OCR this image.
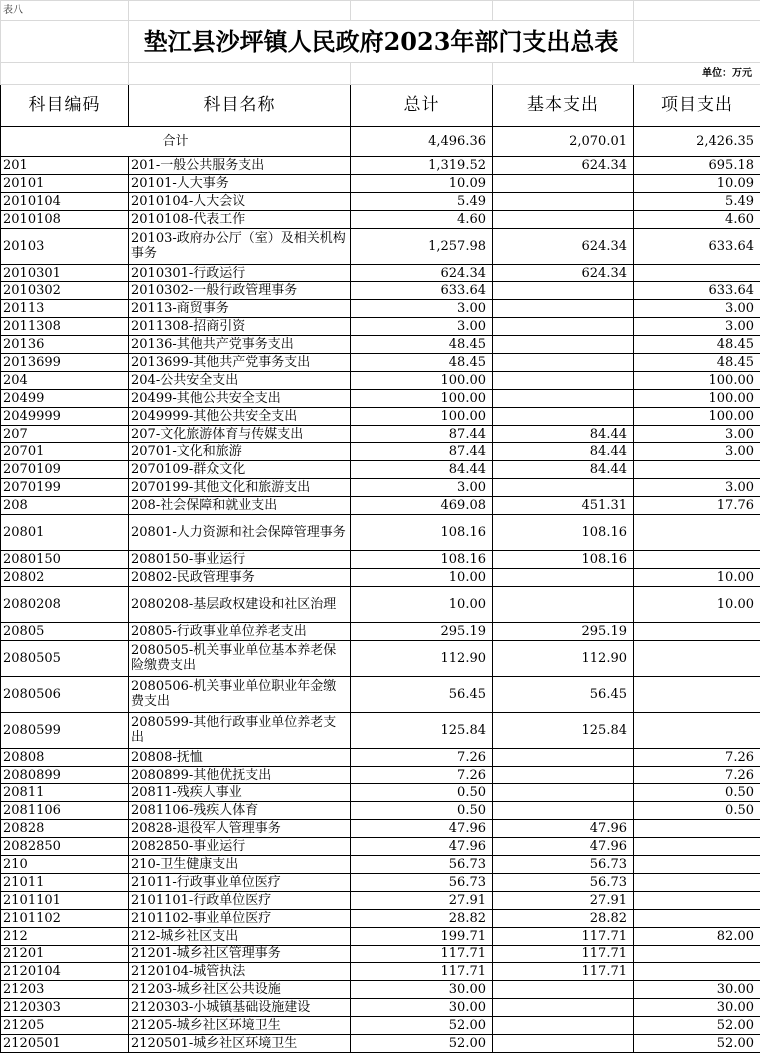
表八				
	垫江县沙坪镇人民政府2023年部门支出总表			
			单位：万元	
科目编码	科目名称	总计	基本支出	项目支出
合计		4,496.36	2,070.01	2,426.35
201	201-一般公共服务支出	1,319.52	624.34	695.18
20101	20101-人大事务	10.09		10.09
2010104	2010104-人大会议	5.49		5.49
2010108	2010108-代表工作	4.60		4.60
20103	20103-政府办公厅（室）及相关机构事务	1,257.98	624.34	633.64
2010301	2010301-行政运行	624.34	624.34	
2010302	2010302-一般行政管理事务	633.64		633.64
20113	20113-商贸事务	3.00		3.00
2011308	2011308-招商引资	3.00		3.00
20136	20136-其他共产党事务支出	48.45		48.45
2013699	2013699-其他共产党事务支出	48.45		48.45
204	204-公共安全支出	100.00		100.00
20499	20499-其他公共安全支出	100.00		100.00
2049999	2049999-其他公共安全支出	100.00		100.00
207	207-文化旅游体育与传媒支出	87.44	84.44	3.00
20701	20701-文化和旅游	87.44	84.44	3.00
2070109	2070109-群众文化	84.44	84.44	
2070199	2070199-其他文化和旅游支出	3.00		3.00
208	208-社会保障和就业支出	469.08	451.31	17.76
20801	20801-人力资源和社会保障管理事务	108.16	108.16	
2080150	2080150-事业运行	108.16	108.16	
20802	20802-民政管理事务	10.00		10.00
2080208	2080208-基层政权建设和社区治理	10.00		10.00
20805	20805-行政事业单位养老支出	295.19	295.19	
2080505	2080505-机关事业单位基本养老保险缴费支出	112.90	112.90	
2080506	2080506-机关事业单位职业年金缴费支出	56.45	56.45	
2080599	2080599-其他行政事业单位养老支出	125.84	125.84	
20808	20808-抚恤	7.26		7.26
2080899	2080899-其他优抚支出	7.26		7.26
20811	20811-残疾人事业	0.50		0.50
2081106	2081106-残疾人体育	0.50		0.50
20828	20828-退役军人管理事务	47.96	47.96	
2082850	2082850-事业运行	47.96	47.96	
210	210-卫生健康支出	56.73	56.73	
21011	21011-行政事业单位医疗	56.73	56.73	
2101101	2101101-行政单位医疗	27.91	27.91	
2101102	2101102-事业单位医疗	28.82	28.82	
212	212-城乡社区支出	199.71	117.71	82.00
21201	21201-城乡社区管理事务	117.71	117.71	
2120104	2120104-城管执法	117.71	117.71	
21203	21203-城乡社区公共设施	30.00		30.00
2120303	2120303-小城镇基础设施建设	30.00		30.00
21205	21205-城乡社区环境卫生	52.00		52.00
2120501	2120501-城乡社区环境卫生	52.00		52.00
